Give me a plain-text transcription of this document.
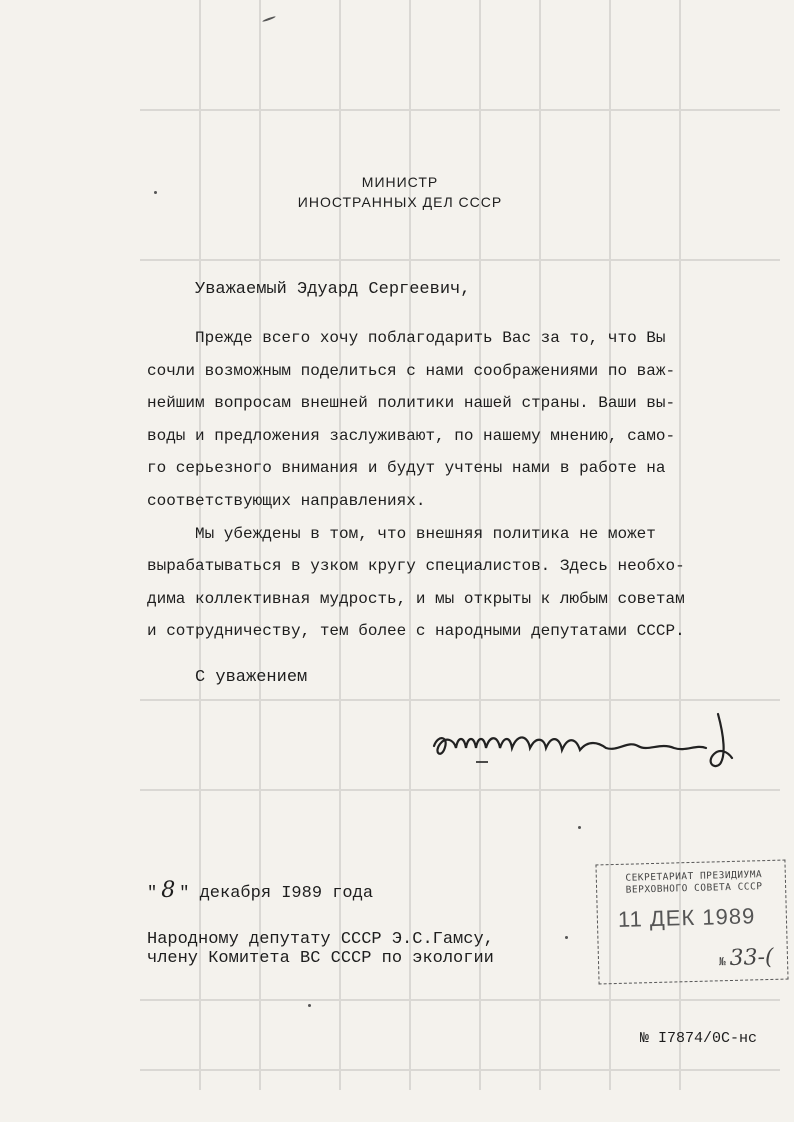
МИНИСТР
ИНОСТРАННЫХ ДЕЛ СССР
Уважаемый Эдуард Сергеевич,
Прежде всего хочу поблагодарить Вас за то, что Вы
сочли возможным поделиться с нами соображениями по важ-
нейшим вопросам внешней политики нашей страны. Ваши вы-
воды и предложения заслуживают, по нашему мнению, само-
го серьезного внимания и будут учтены нами в работе на
соответствующих направлениях.
Мы убеждены в том, что внешняя политика не может
вырабатываться в узком кругу специалистов. Здесь необхо-
дима коллективная мудрость, и мы открыты к любым советам
и сотрудничеству, тем более с народными депутатами СССР.
С уважением
" 8 " декабря I989 года
Народному депутату СССР Э.С.Гамсу,
члену Комитета ВС СССР по экологии
СЕКРЕТАРИАТ ПРЕЗИДИУМА
ВЕРХОВНОГО СОВЕТА СССР
11 ДЕК 1989
№ 33-(
№ I7874/0С-нс
